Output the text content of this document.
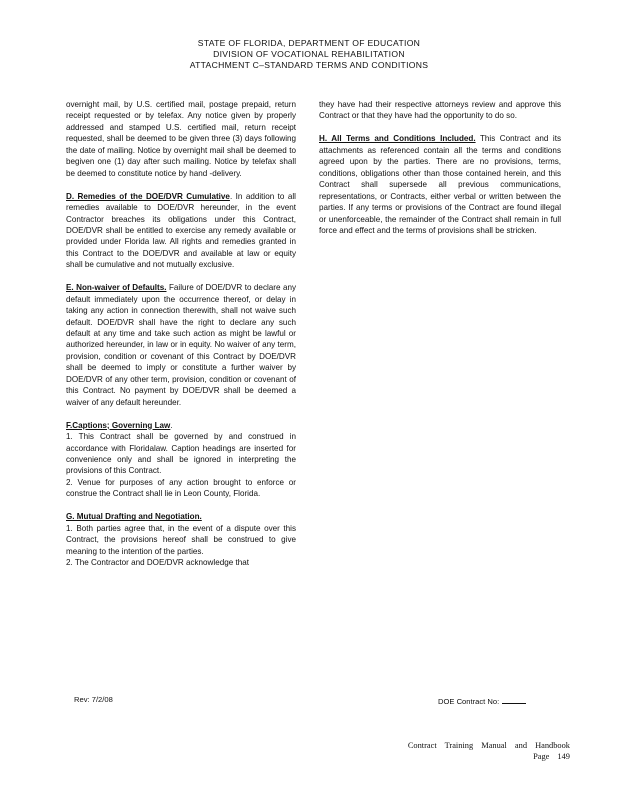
STATE OF FLORIDA, DEPARTMENT OF EDUCATION
DIVISION OF VOCATIONAL REHABILITATION
ATTACHMENT C–STANDARD TERMS AND CONDITIONS

overnight mail, by U.S. certified mail, postage prepaid, return receipt requested or by telefax. Any notice given by properly addressed and stamped U.S. certified mail, return receipt requested, shall be deemed to be given three (3) days following the date of mailing. Notice by overnight mail shall be deemed to begiven one (1) day after such mailing. Notice by telefax shall be deemed to constitute notice by hand -delivery.

D. Remedies of the DOE/DVR Cumulative. In addition to all remedies available to DOE/DVR hereunder, in the event Contractor breaches its obligations under this Contract, DOE/DVR shall be entitled to exercise any remedy available or provided under Florida law. All rights and remedies granted in this Contract to the DOE/DVR and available at law or equity shall be cumulative and not mutually exclusive.

E. Non-waiver of Defaults. Failure of DOE/DVR to declare any default immediately upon the occurrence thereof, or delay in taking any action in connection therewith, shall not waive such default. DOE/DVR shall have the right to declare any such default at any time and take such action as might be lawful or authorized hereunder, in law or in equity. No waiver of any term, provision, condition or covenant of this Contract by DOE/DVR shall be deemed to imply or constitute a further waiver by DOE/DVR of any other term, provision, condition or covenant of this Contract. No payment by DOE/DVR shall be deemed a waiver of any default hereunder.

F.Captions; Governing Law.
1. This Contract shall be governed by and construed in accordance with Floridalaw. Caption headings are inserted for convenience only and shall be ignored in interpreting the provisions of this Contract.
2. Venue for purposes of any action brought to enforce or construe the Contract shall lie in Leon County, Florida.
G. Mutual Drafting and Negotiation.
1. Both parties agree that, in the event of a dispute over this Contract, the provisions hereof shall be construed to give meaning to the intention of the parties.
2. The Contractor and DOE/DVR acknowledge that

they have had their respective attorneys review and approve this Contract or that they have had the opportunity to do so.

H. All Terms and Conditions Included. This Contract and its attachments as referenced contain all the terms and conditions agreed upon by the parties. There are no provisions, terms, conditions, obligations other than those contained herein, and this Contract shall supersede all previous communications, representations, or Contracts, either verbal or written between the parties. If any terms or provisions of the Contract are found illegal or unenforceable, the remainder of the Contract shall remain in full force and effect and the terms of provisions shall be stricken.

Rev: 7/2/08	DOE Contract No:
Contract Training Manual and Handbook
Page 149
